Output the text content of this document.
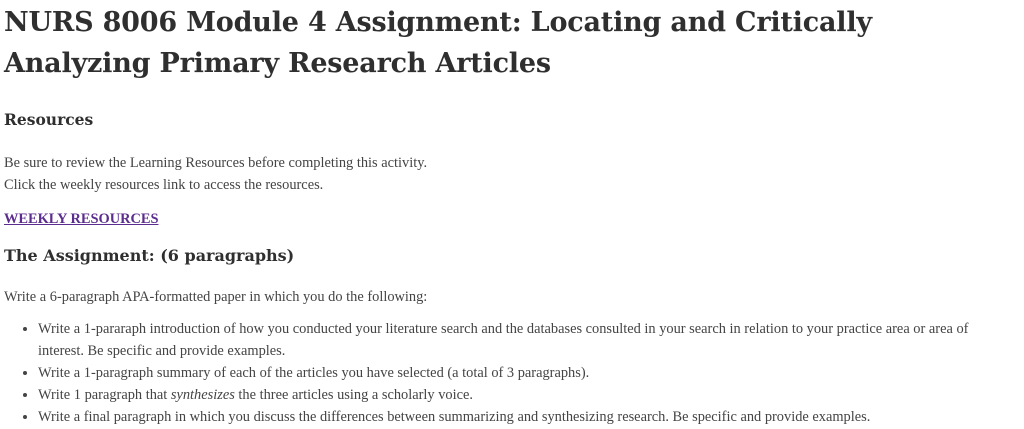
NURS 8006 Module 4 Assignment: Locating and Critically Analyzing Primary Research Articles
Resources

Be sure to review the Learning Resources before completing this activity.
Click the weekly resources link to access the resources.

WEEKLY RESOURCES

The Assignment: (6 paragraphs)

Write a 6-paragraph APA-formatted paper in which you do the following:

• Write a 1-pararaph introduction of how you conducted your literature search and the databases consulted in your search in relation to your practice area or area of interest. Be specific and provide examples.
• Write a 1-paragraph summary of each of the articles you have selected (a total of 3 paragraphs).
• Write 1 paragraph that synthesizes the three articles using a scholarly voice.
• Write a final paragraph in which you discuss the differences between summarizing and synthesizing research. Be specific and provide examples.
